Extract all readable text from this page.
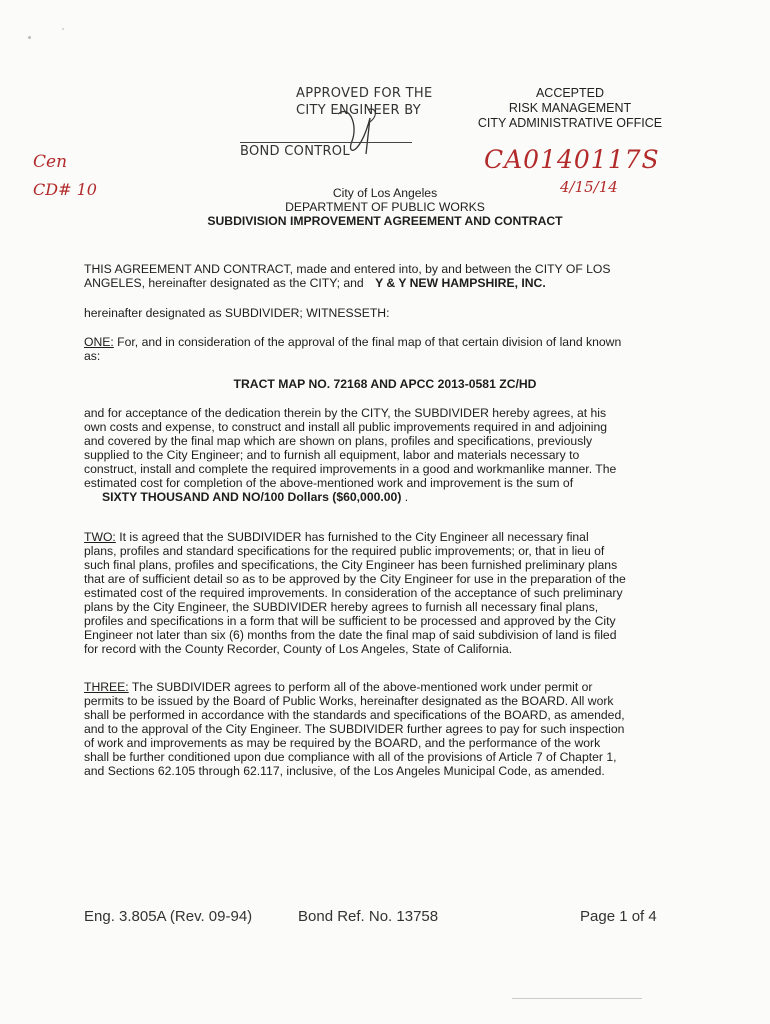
Cen
CD# 10
APPROVED FOR THE
CITY ENGINEER BY
BOND CONTROL
ACCEPTED
RISK MANAGEMENT
CITY ADMINISTRATIVE OFFICE
CA0140117S
4/15/14
City of Los Angeles
DEPARTMENT OF PUBLIC WORKS
SUBDIVISION IMPROVEMENT AGREEMENT AND CONTRACT
THIS AGREEMENT AND CONTRACT, made and entered into, by and between the CITY OF LOS
ANGELES, hereinafter designated as the CITY; and Y & Y NEW HAMPSHIRE, INC.
hereinafter designated as SUBDIVIDER; WITNESSETH:
ONE: For, and in consideration of the approval of the final map of that certain division of land known
as:
TRACT MAP NO. 72168 AND APCC 2013-0581 ZC/HD
and for acceptance of the dedication therein by the CITY, the SUBDIVIDER hereby agrees, at his
own costs and expense, to construct and install all public improvements required in and adjoining
and covered by the final map which are shown on plans, profiles and specifications, previously
supplied to the City Engineer; and to furnish all equipment, labor and materials necessary to
construct, install and complete the required improvements in a good and workmanlike manner. The
estimated cost for completion of the above-mentioned work and improvement is the sum of
SIXTY THOUSAND AND NO/100 Dollars ($60,000.00) .
TWO: It is agreed that the SUBDIVIDER has furnished to the City Engineer all necessary final
plans, profiles and standard specifications for the required public improvements; or, that in lieu of
such final plans, profiles and specifications, the City Engineer has been furnished preliminary plans
that are of sufficient detail so as to be approved by the City Engineer for use in the preparation of the
estimated cost of the required improvements. In consideration of the acceptance of such preliminary
plans by the City Engineer, the SUBDIVIDER hereby agrees to furnish all necessary final plans,
profiles and specifications in a form that will be sufficient to be processed and approved by the City
Engineer not later than six (6) months from the date the final map of said subdivision of land is filed
for record with the County Recorder, County of Los Angeles, State of California.
THREE: The SUBDIVIDER agrees to perform all of the above-mentioned work under permit or
permits to be issued by the Board of Public Works, hereinafter designated as the BOARD. All work
shall be performed in accordance with the standards and specifications of the BOARD, as amended,
and to the approval of the City Engineer. The SUBDIVIDER further agrees to pay for such inspection
of work and improvements as may be required by the BOARD, and the performance of the work
shall be further conditioned upon due compliance with all of the provisions of Article 7 of Chapter 1,
and Sections 62.105 through 62.117, inclusive, of the Los Angeles Municipal Code, as amended.
Eng. 3.805A (Rev. 09-94)	Bond Ref. No. 13758	Page 1 of 4
